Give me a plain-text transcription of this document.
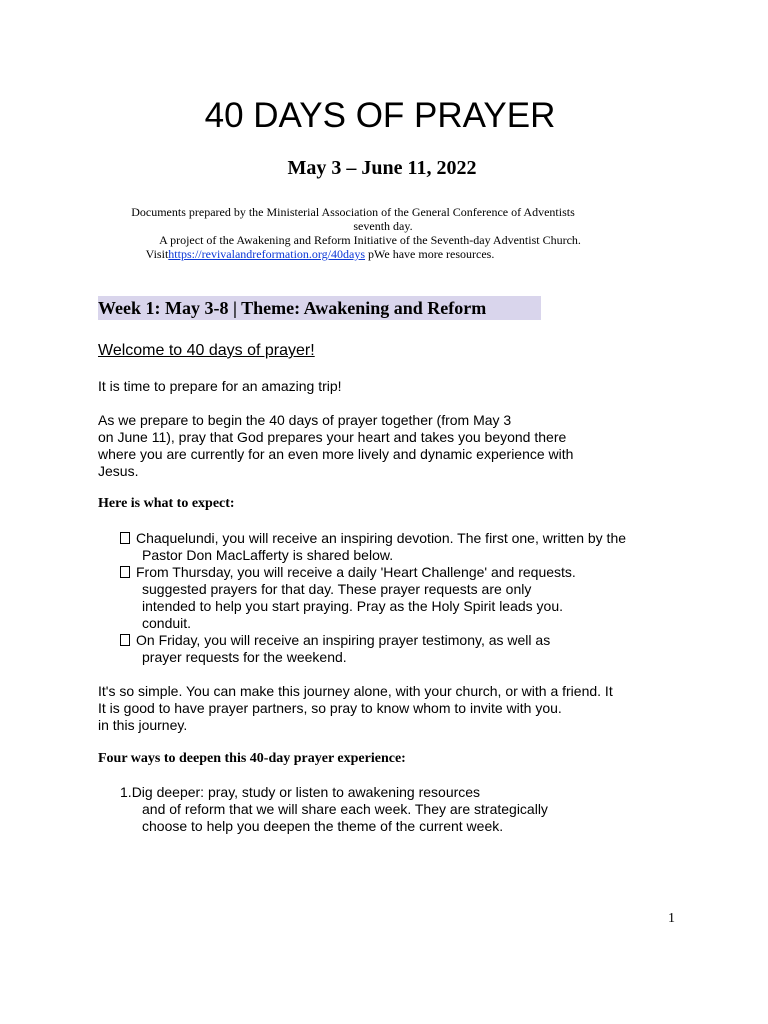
40 DAYS OF PRAYER
May 3 – June 11, 2022
Documents prepared by the Ministerial Association of the General Conference of Adventists
seventh day.
A project of the Awakening and Reform Initiative of the Seventh-day Adventist Church.
Visithttps://revivalandreformation.org/40days pWe have more resources.
Week 1: May 3-8 | Theme: Awakening and Reform
Welcome to 40 days of prayer!
It is time to prepare for an amazing trip!
As we prepare to begin the 40 days of prayer together (from May 3
on June 11), pray that God prepares your heart and takes you beyond there
where you are currently for an even more lively and dynamic experience with
Jesus.
Here is what to expect:
Chaquelundi, you will receive an inspiring devotion. The first one, written by the
Pastor Don MacLafferty is shared below.
From Thursday, you will receive a daily 'Heart Challenge' and requests.
suggested prayers for that day. These prayer requests are only
intended to help you start praying. Pray as the Holy Spirit leads you.
conduit.
On Friday, you will receive an inspiring prayer testimony, as well as
prayer requests for the weekend.
It's so simple. You can make this journey alone, with your church, or with a friend. It
It is good to have prayer partners, so pray to know whom to invite with you.
in this journey.
Four ways to deepen this 40-day prayer experience:
1.Dig deeper: pray, study or listen to awakening resources
and of reform that we will share each week. They are strategically
choose to help you deepen the theme of the current week.
1
